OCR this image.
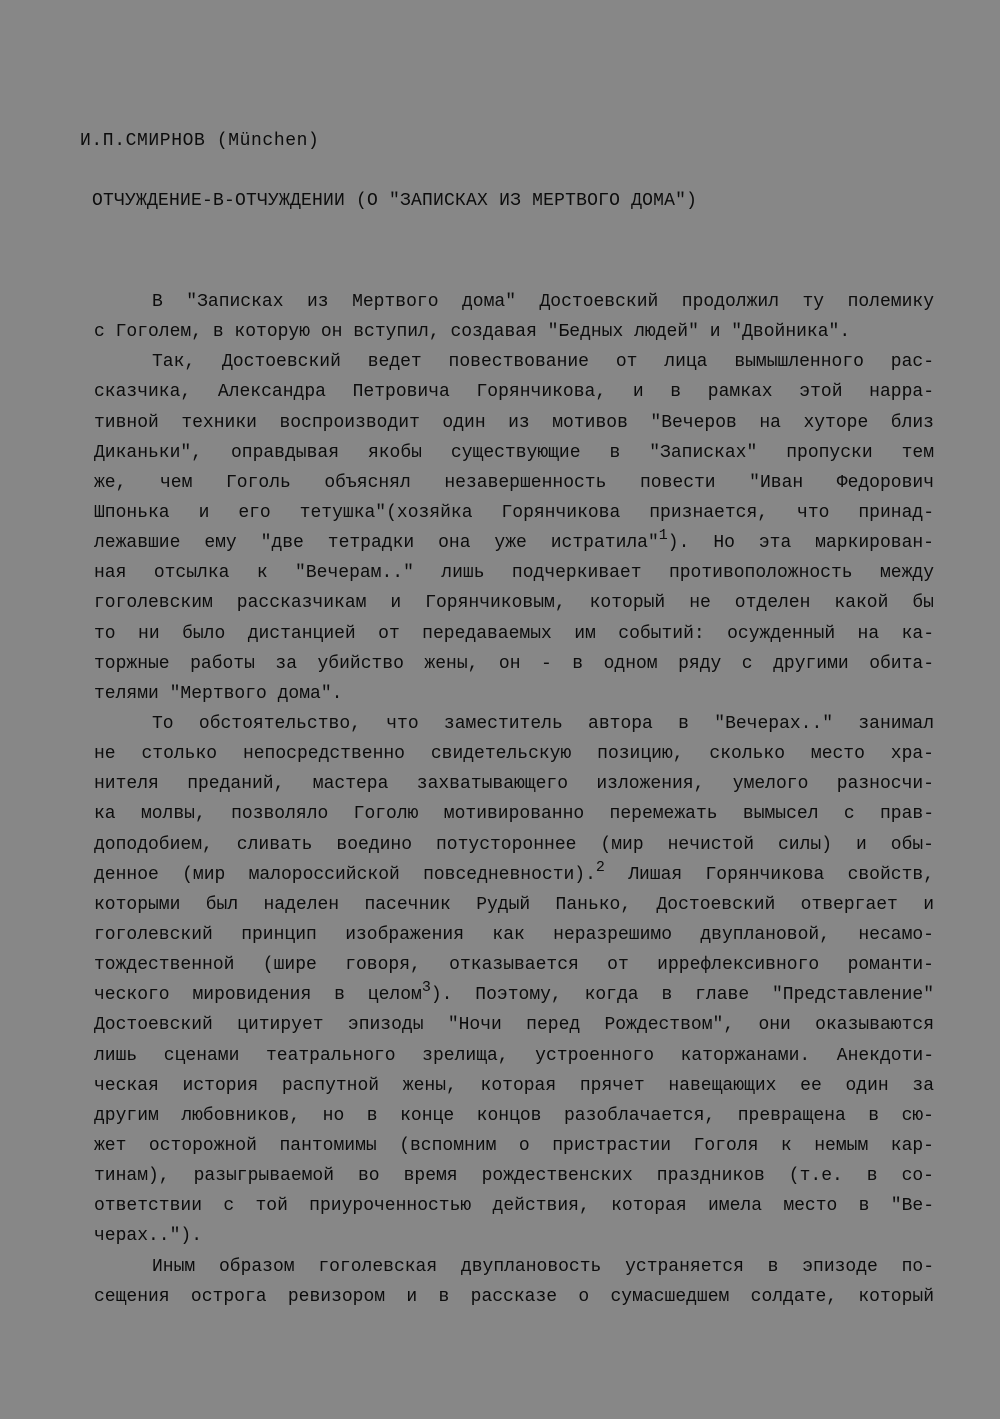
И.П.СМИРНОВ (München)
ОТЧУЖДЕНИЕ-В-ОТЧУЖДЕНИИ (О "ЗАПИСКАХ ИЗ МЕРТВОГО ДОМА")
В "Записках из Мертвого дома" Достоевский продолжил ту полемику
с Гоголем, в которую он вступил, создавая "Бедных людей" и "Двойника".
Так, Достоевский ведет повествование от лица вымышленного рас-
сказчика, Александра Петровича Горянчикова, и в рамках этой нарра-
тивной техники воспроизводит один из мотивов "Вечеров на хуторе близ
Диканьки", оправдывая якобы существующие в "Записках" пропуски тем
же, чем Гоголь объяснял незавершенность повести "Иван Федорович
Шпонька и его тетушка"(хозяйка Горянчикова признается, что принад-
лежавшие ему "две тетрадки она уже истратила"$^1$). Но эта маркирован-
ная отсылка к "Вечерам.." лишь подчеркивает противоположность между
гоголевским рассказчикам и Горянчиковым, который не отделен какой бы
то ни было дистанцией от передаваемых им событий: осужденный на ка-
торжные работы за убийство жены, он - в одном ряду с другими обита-
телями "Мертвого дома".
То обстоятельство, что заместитель автора в "Вечерах.." занимал
не столько непосредственно свидетельскую позицию, сколько место хра-
нителя преданий, мастера захватывающего изложения, умелого разносчи-
ка молвы, позволяло Гоголю мотивированно перемежать вымысел с прав-
доподобием, сливать воедино потустороннее (мир нечистой силы) и обы-
денное (мир малороссийской повседневности).$^2$ Лишая Горянчикова свойств,
которыми был наделен пасечник Рудый Панько, Достоевский отвергает и
гоголевский принцип изображения как неразрешимо двуплановой, несамо-
тождественной (шире говоря, отказывается от иррефлексивного романти-
ческого мировидения в целом$^3$). Поэтому, когда в главе "Представление"
Достоевский цитирует эпизоды "Ночи перед Рождеством", они оказываются
лишь сценами театрального зрелища, устроенного каторжанами. Анекдоти-
ческая история распутной жены, которая прячет навещающих ее один за
другим любовников, но в конце концов разоблачается, превращена в сю-
жет осторожной пантомимы (вспомним о пристрастии Гоголя к немым кар-
тинам), разыгрываемой во время рождественских праздников (т.е. в со-
ответствии с той приуроченностью действия, которая имела место в "Ве-
черах..").
Иным образом гоголевская двуплановость устраняется в эпизоде по-
сещения острога ревизором и в рассказе о сумасшедшем солдате, который
